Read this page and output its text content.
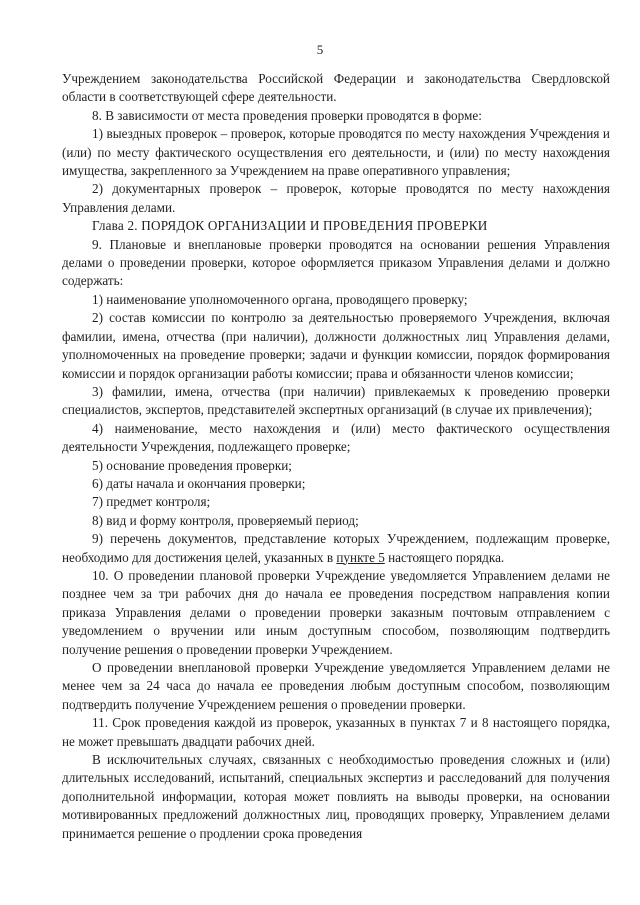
5

Учреждением законодательства Российской Федерации и законодательства Свердловской области в соответствующей сфере деятельности.

8. В зависимости от места проведения проверки проводятся в форме:

1) выездных проверок – проверок, которые проводятся по месту нахождения Учреждения и (или) по месту фактического осуществления его деятельности, и (или) по месту нахождения имущества, закрепленного за Учреждением на праве оперативного управления;

2) документарных проверок – проверок, которые проводятся по месту нахождения Управления делами.

Глава 2. ПОРЯДОК ОРГАНИЗАЦИИ И ПРОВЕДЕНИЯ ПРОВЕРКИ

9. Плановые и внеплановые проверки проводятся на основании решения Управления делами о проведении проверки, которое оформляется приказом Управления делами и должно содержать:

1) наименование уполномоченного органа, проводящего проверку;

2) состав комиссии по контролю за деятельностью проверяемого Учреждения, включая фамилии, имена, отчества (при наличии), должности должностных лиц Управления делами, уполномоченных на проведение проверки; задачи и функции комиссии, порядок формирования комиссии и порядок организации работы комиссии; права и обязанности членов комиссии;

3) фамилии, имена, отчества (при наличии) привлекаемых к проведению проверки специалистов, экспертов, представителей экспертных организаций (в случае их привлечения);

4) наименование, место нахождения и (или) место фактического осуществления деятельности Учреждения, подлежащего проверке;

5) основание проведения проверки;

6) даты начала и окончания проверки;

7) предмет контроля;

8) вид и форму контроля, проверяемый период;

9) перечень документов, представление которых Учреждением, подлежащим проверке, необходимо для достижения целей, указанных в пункте 5 настоящего порядка.

10. О проведении плановой проверки Учреждение уведомляется Управлением делами не позднее чем за три рабочих дня до начала ее проведения посредством направления копии приказа Управления делами о проведении проверки заказным почтовым отправлением с уведомлением о вручении или иным доступным способом, позволяющим подтвердить получение решения о проведении проверки Учреждением.

О проведении внеплановой проверки Учреждение уведомляется Управлением делами не менее чем за 24 часа до начала ее проведения любым доступным способом, позволяющим подтвердить получение Учреждением решения о проведении проверки.

11. Срок проведения каждой из проверок, указанных в пунктах 7 и 8 настоящего порядка, не может превышать двадцати рабочих дней.

В исключительных случаях, связанных с необходимостью проведения сложных и (или) длительных исследований, испытаний, специальных экспертиз и расследований для получения дополнительной информации, которая может повлиять на выводы проверки, на основании мотивированных предложений должностных лиц, проводящих проверку, Управлением делами принимается решение о продлении срока проведения
